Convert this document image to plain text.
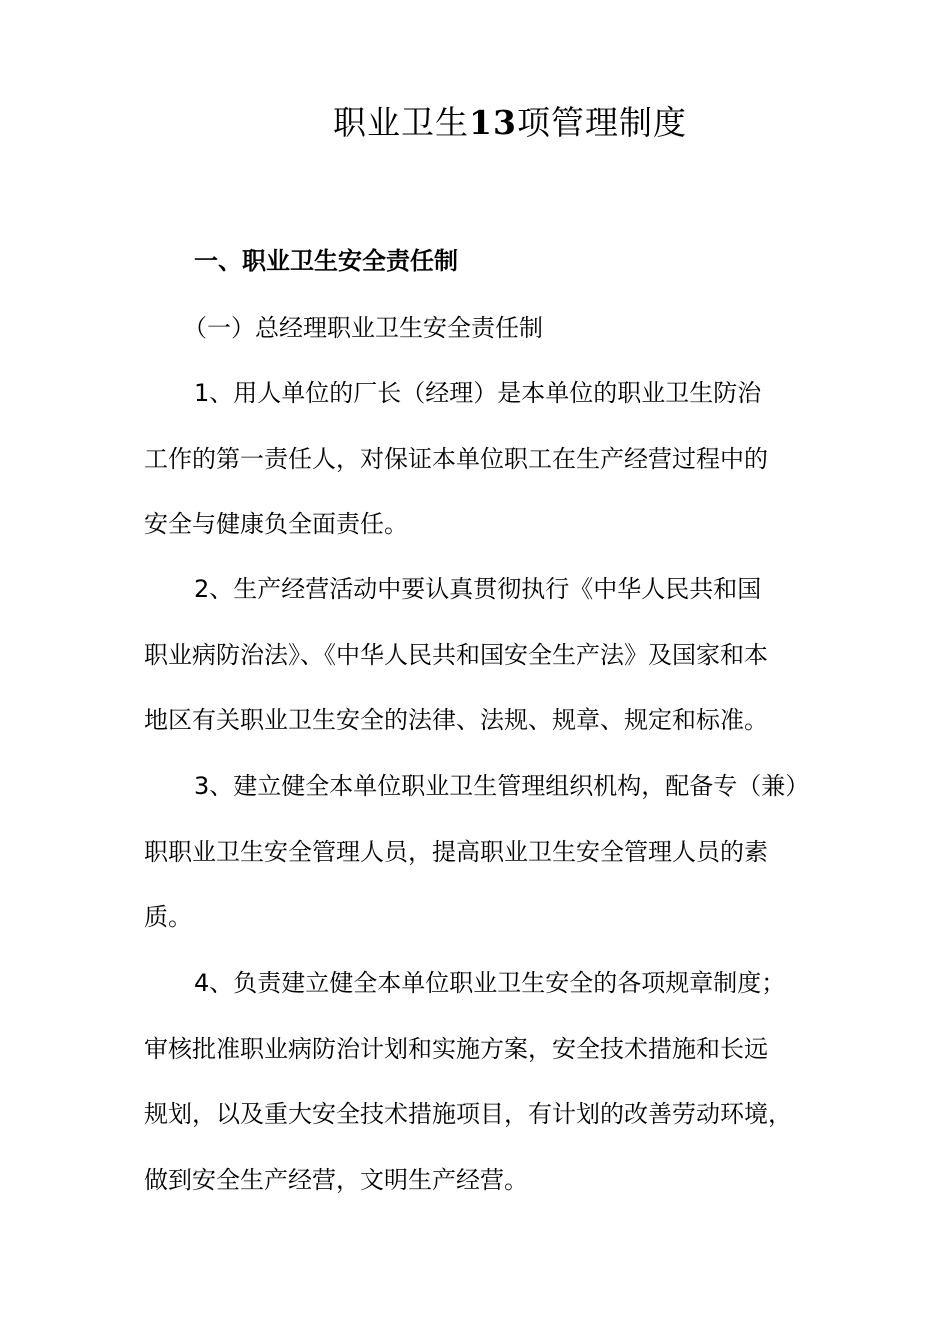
职业卫生13项管理制度
一、职业卫生安全责任制
（一）总经理职业卫生安全责任制
1、用人单位的厂长（经理）是本单位的职业卫生防治
工作的第一责任人，对保证本单位职工在生产经营过程中的
安全与健康负全面责任。
2、生产经营活动中要认真贯彻执行《中华人民共和国
职业病防治法》、《中华人民共和国安全生产法》及国家和本
地区有关职业卫生安全的法律、法规、规章、规定和标准。
3、建立健全本单位职业卫生管理组织机构，配备专（兼）
职职业卫生安全管理人员，提高职业卫生安全管理人员的素
质。
4、负责建立健全本单位职业卫生安全的各项规章制度；
审核批准职业病防治计划和实施方案，安全技术措施和长远
规划，以及重大安全技术措施项目，有计划的改善劳动环境，
做到安全生产经营，文明生产经营。
